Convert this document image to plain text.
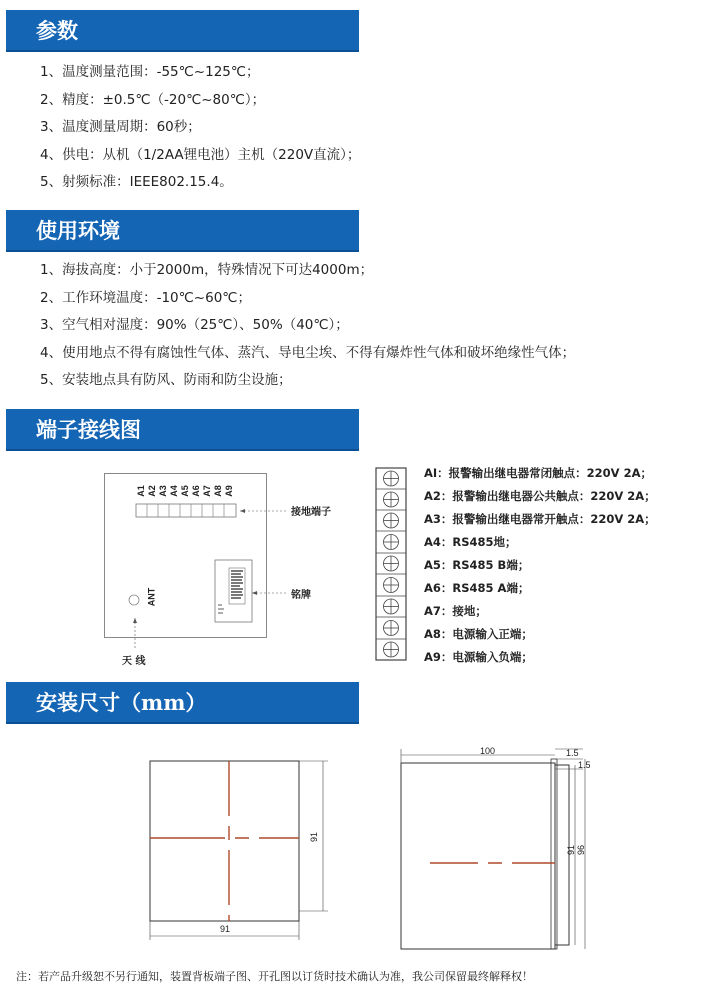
参数
1、温度测量范围：-55℃~125℃；
2、精度：±0.5℃（-20℃~80℃）；
3、温度测量周期：60秒；
4、供电：从机（1/2AA锂电池）主机（220V直流）；
5、射频标准：IEEE802.15.4。
使用环境
1、海拔高度：小于2000m，特殊情况下可达4000m；
2、工作环境温度：-10℃~60℃；
3、空气相对湿度：90%（25℃）、50%（40℃）；
4、使用地点不得有腐蚀性气体、蒸汽、导电尘埃、不得有爆炸性气体和破坏绝缘性气体；
5、安装地点具有防风、防雨和防尘设施；
端子接线图
A1 A2 A3 A4 A5 A6 A7 A8 A9
ANT
接地端子
铭牌
天 线
AI：报警输出继电器常闭触点：220V 2A；
A2：报警输出继电器公共触点：220V 2A；
A3：报警输出继电器常开触点：220V 2A；
A4：RS485地；
A5：RS485 B端；
A6：RS485 A端；
A7：接地；
A8：电源输入正端；
A9：电源输入负端；
安装尺寸（mm）
91
91
100	1.5
1.5
91 96
注：若产品升级恕不另行通知，装置背板端子图、开孔图以订货时技术确认为准，我公司保留最终解释权！
